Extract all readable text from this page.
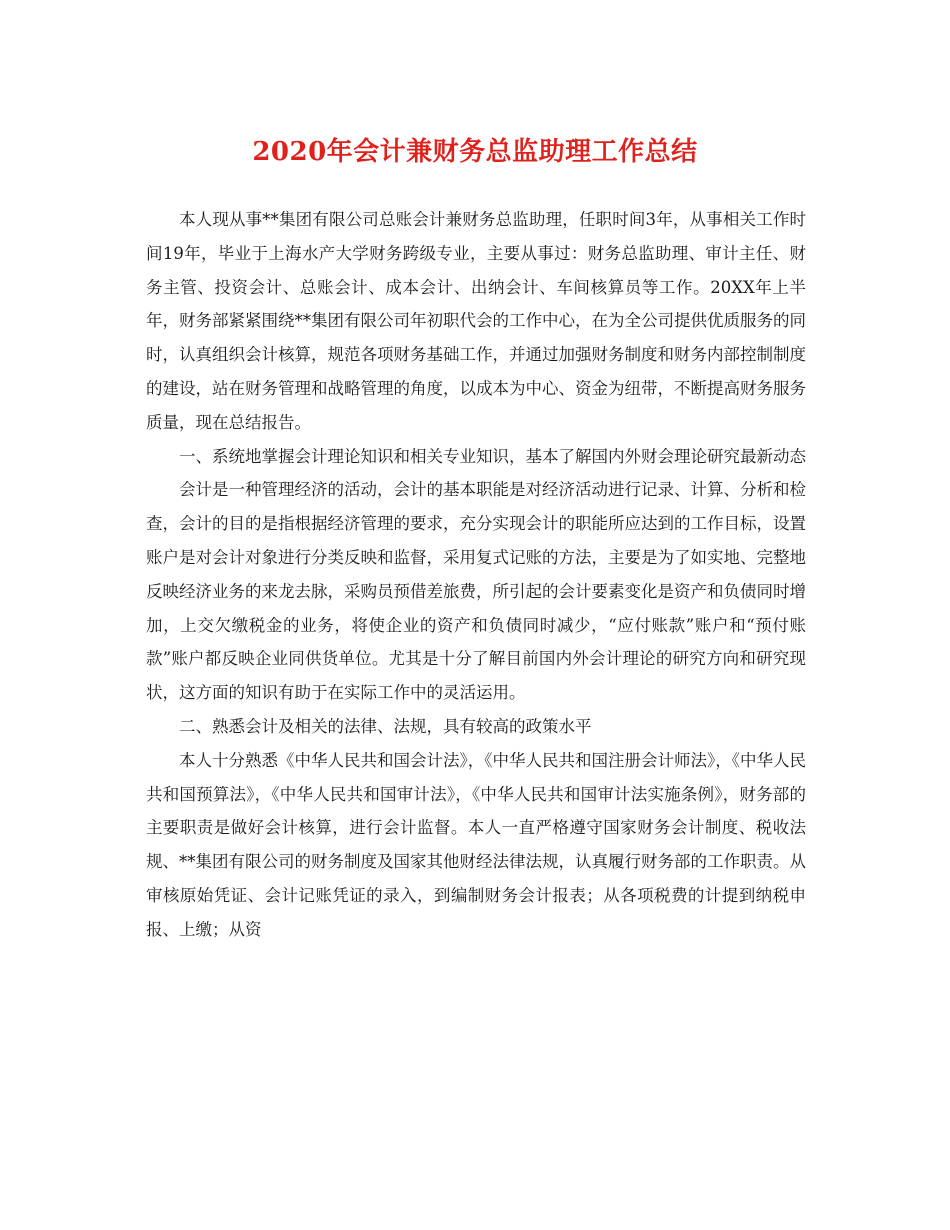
2020年会计兼财务总监助理工作总结

本人现从事**集团有限公司总账会计兼财务总监助理，任职时间3年，从事相关工作时间19年，毕业于上海水产大学财务跨级专业，主要从事过：财务总监助理、审计主任、财务主管、投资会计、总账会计、成本会计、出纳会计、车间核算员等工作。20XX年上半年，财务部紧紧围绕**集团有限公司年初职代会的工作中心，在为全公司提供优质服务的同时，认真组织会计核算，规范各项财务基础工作，并通过加强财务制度和财务内部控制制度的建设，站在财务管理和战略管理的角度，以成本为中心、资金为纽带，不断提高财务服务质量，现在总结报告。

一、系统地掌握会计理论知识和相关专业知识，基本了解国内外财会理论研究最新动态

会计是一种管理经济的活动，会计的基本职能是对经济活动进行记录、计算、分析和检查，会计的目的是指根据经济管理的要求，充分实现会计的职能所应达到的工作目标，设置账户是对会计对象进行分类反映和监督，采用复式记账的方法，主要是为了如实地、完整地反映经济业务的来龙去脉，采购员预借差旅费，所引起的会计要素变化是资产和负债同时增加，上交欠缴税金的业务，将使企业的资产和负债同时减少，“应付账款”账户和“预付账款”账户都反映企业同供货单位。尤其是十分了解目前国内外会计理论的研究方向和研究现状，这方面的知识有助于在实际工作中的灵活运用。

二、熟悉会计及相关的法律、法规，具有较高的政策水平

本人十分熟悉《中华人民共和国会计法》，《中华人民共和国注册会计师法》，《中华人民共和国预算法》，《中华人民共和国审计法》，《中华人民共和国审计法实施条例》，财务部的主要职责是做好会计核算，进行会计监督。本人一直严格遵守国家财务会计制度、税收法规、**集团有限公司的财务制度及国家其他财经法律法规，认真履行财务部的工作职责。从审核原始凭证、会计记账凭证的录入，到编制财务会计报表；从各项税费的计提到纳税申报、上缴；从资
